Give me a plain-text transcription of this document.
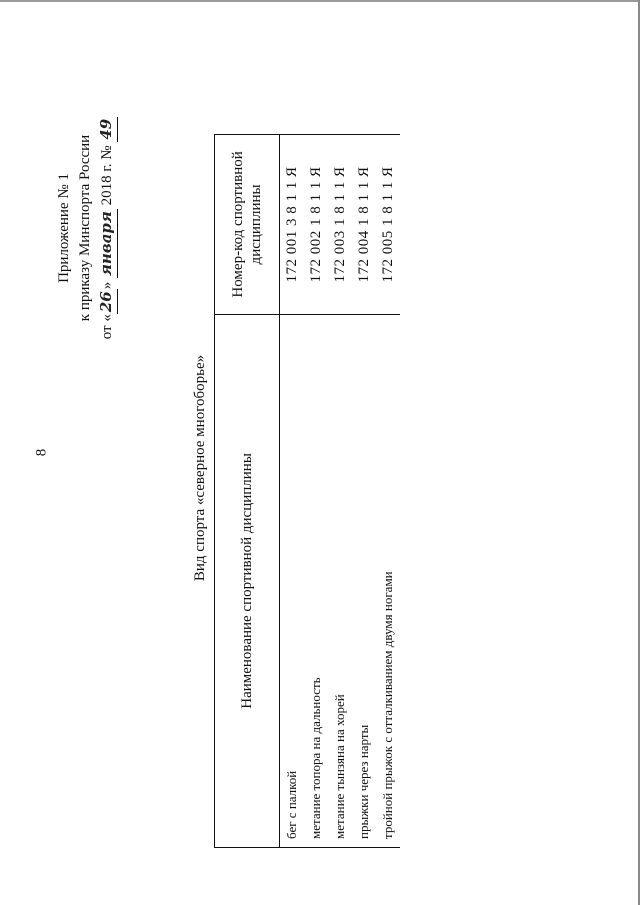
8
Приложение № 1 к приказу Минспорта России
от «26» января 2018 г. № 49
Вид спорта «северное многоборье» Наименование спортивной дисциплины	Номер-код спортивной дисциплины
бег с палкой	172 001 3 8 1 1 Я
метание топора на дальность	172 002 1 8 1 1 Я
метание тынзяна на хорей	172 003 1 8 1 1 Я
прыжки через нарты	172 004 1 8 1 1 Я
тройной прыжок с отталкиванием двумя ногами	172 005 1 8 1 1 Я
